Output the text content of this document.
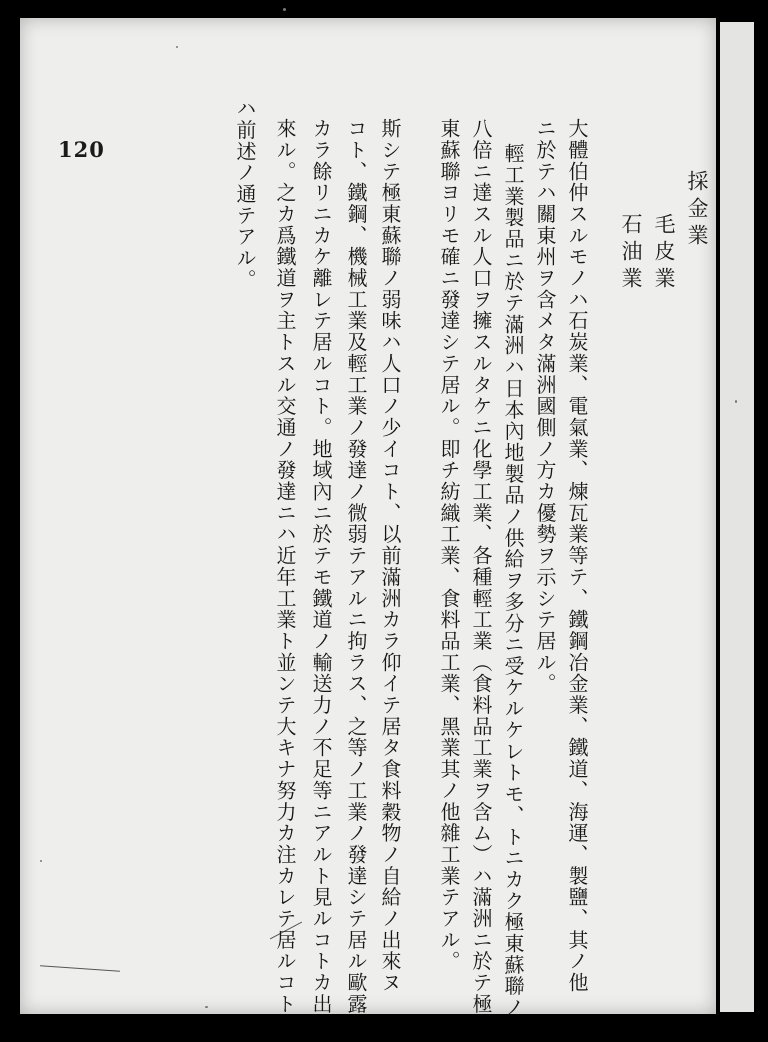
120
採金業
毛皮業
石油業
大體伯仲スルモノハ石炭業、電氣業、煉瓦業等テ、鐵鋼冶金業、鐵道、海運、製鹽、其ノ他
ニ於テハ關東州ヲ含メタ滿洲國側ノ方カ優勢ヲ示シテ居ル。
輕工業製品ニ於テ滿洲ハ日本內地製品ノ供給ヲ多分ニ受ケルケレトモ、トニカク極東蘇聯ノ
八倍ニ達スル人口ヲ擁スルタケニ化學工業、各種輕工業（食料品工業ヲ含ム）ハ滿洲ニ於テ極
東蘇聯ヨリモ確ニ發達シテ居ル。即チ紡織工業、食料品工業、黑業其ノ他雜工業テアル。
斯シテ極東蘇聯ノ弱味ハ人口ノ少イコト、以前滿洲カラ仰イテ居タ食料穀物ノ自給ノ出來ヌ
コト、鐵鋼、機械工業及輕工業ノ發達ノ微弱テアルニ拘ラス、之等ノ工業ノ發達シテ居ル歐露
カラ餘リニカケ離レテ居ルコト。地域內ニ於テモ鐵道ノ輸送力ノ不足等ニアルト見ルコトカ出
來ル。之カ爲鐵道ヲ主トスル交通ノ發達ニハ近年工業ト並ンテ大キナ努力カ注カレテ居ルコト
ハ前述ノ通テアル。
